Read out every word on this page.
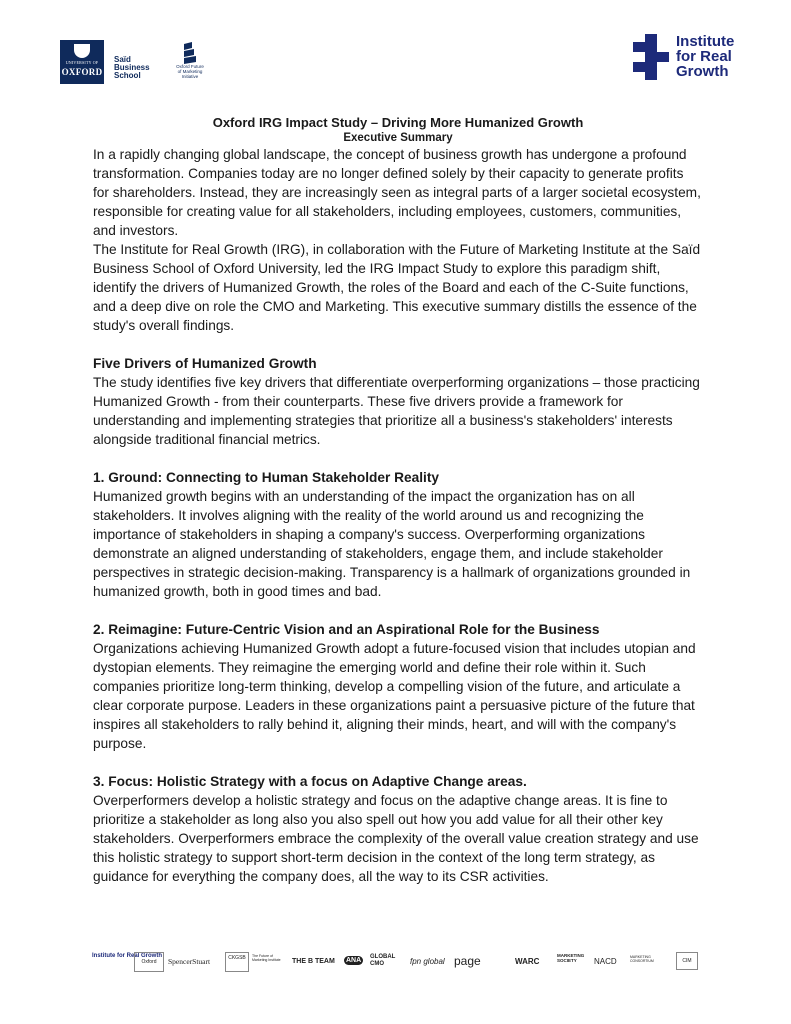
UNIVERSITY OF
OXFORD
Saïd
Business
School
Oxford Future
of Marketing
Initiative
Institute
for Real
Growth
Oxford IRG Impact Study – Driving More Humanized Growth
Executive Summary

In a rapidly changing global landscape, the concept of business growth has undergone a profound transformation. Companies today are no longer defined solely by their capacity to generate profits for shareholders. Instead, they are increasingly seen as integral parts of a larger societal ecosystem, responsible for creating value for all stakeholders, including employees, customers, communities, and investors.

The Institute for Real Growth (IRG), in collaboration with the Future of Marketing Institute at the Saïd Business School of Oxford University, led the IRG Impact Study to explore this paradigm shift, identify the drivers of Humanized Growth, the roles of the Board and each of the C-Suite functions, and a deep dive on role the CMO and Marketing. This executive summary distills the essence of the study's overall findings.

Five Drivers of Humanized Growth

The study identifies five key drivers that differentiate overperforming organizations – those practicing Humanized Growth - from their counterparts. These five drivers provide a framework for understanding and implementing strategies that prioritize all a business's stakeholders' interests alongside traditional financial metrics.

1. Ground: Connecting to Human Stakeholder Reality

Humanized growth begins with an understanding of the impact the organization has on all stakeholders. It involves aligning with the reality of the world around us and recognizing the importance of stakeholders in shaping a company's success. Overperforming organizations demonstrate an aligned understanding of stakeholders, engage them, and include stakeholder perspectives in strategic decision-making. Transparency is a hallmark of organizations grounded in humanized growth, both in good times and bad.

2. Reimagine: Future-Centric Vision and an Aspirational Role for the Business

Organizations achieving Humanized Growth adopt a future-focused vision that includes utopian and dystopian elements. They reimagine the emerging world and define their role within it. Such companies prioritize long-term thinking, develop a compelling vision of the future, and articulate a clear corporate purpose. Leaders in these organizations paint a persuasive picture of the future that inspires all stakeholders to rally behind it, aligning their minds, heart, and will with the company's purpose.

3. Focus: Holistic Strategy with a focus on Adaptive Change areas.

Overperformers develop a holistic strategy and focus on the adaptive change areas. It is fine to prioritize a stakeholder as long also you also spell out how you add value for all their other key stakeholders. Overperformers embrace the complexity of the overall value creation strategy and use this holistic strategy to support short-term decision in the context of the long term strategy, as guidance for everything the company does, all the way to its CSR activities.

Institute for Real Growth
Oxford	SpencerStuart	CKGSB	The Future of Marketing Institute	THE B TEAM ANA	GLOBAL CMO	fpn global page	WARC
MARKETING SOCIETY	NACD	MARKETING CONSORTIUM	CIM
